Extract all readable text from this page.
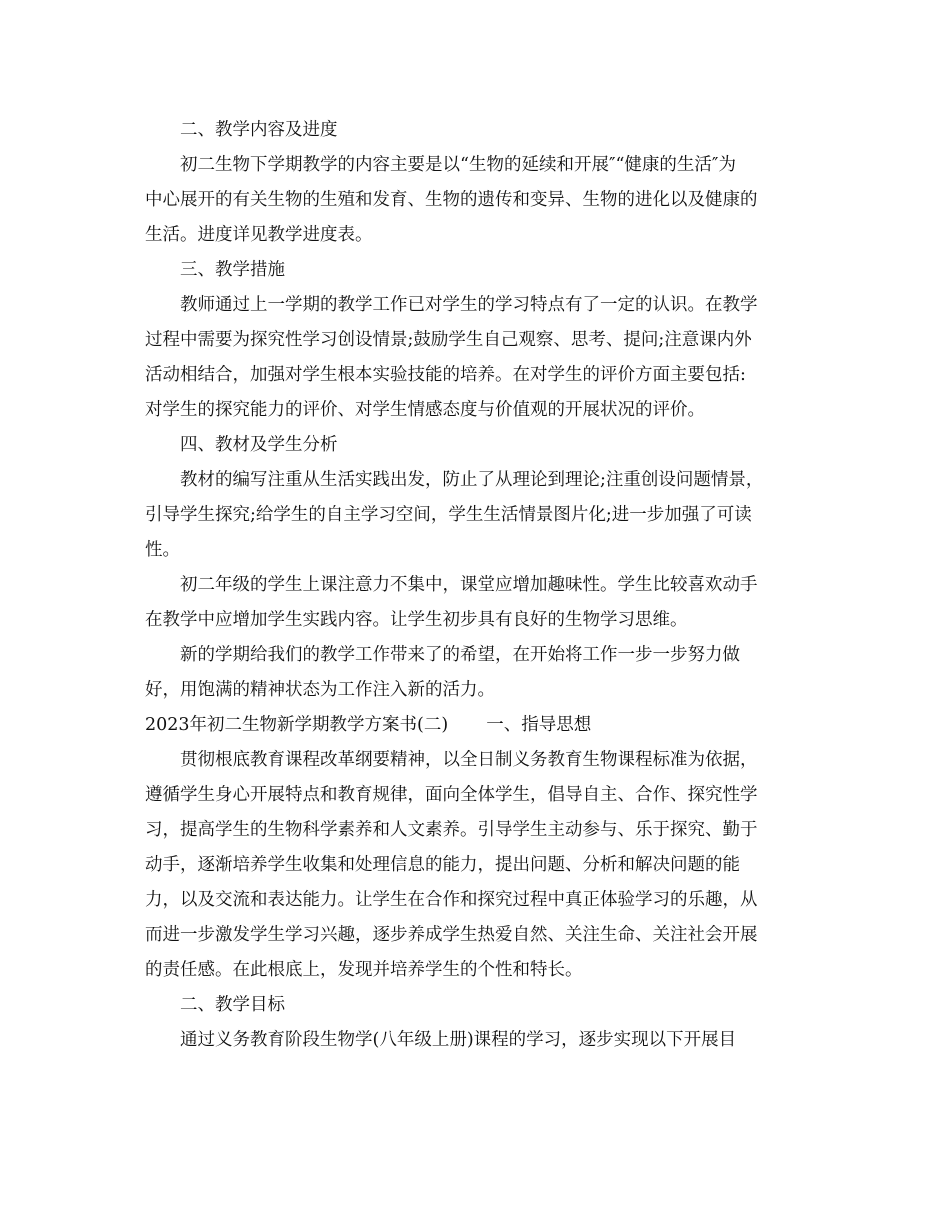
二、教学内容及进度
初二生物下学期教学的内容主要是以“生物的延续和开展″“健康的生活″为
中心展开的有关生物的生殖和发育、生物的遗传和变异、生物的进化以及健康的
生活。进度详见教学进度表。
三、教学措施
教师通过上一学期的教学工作已对学生的学习特点有了一定的认识。在教学
过程中需要为探究性学习创设情景;鼓励学生自己观察、思考、提问;注意课内外
活动相结合，加强对学生根本实验技能的培养。在对学生的评价方面主要包括:
对学生的探究能力的评价、对学生情感态度与价值观的开展状况的评价。
四、教材及学生分析
教材的编写注重从生活实践出发，防止了从理论到理论;注重创设问题情景，
引导学生探究;给学生的自主学习空间，学生生活情景图片化;进一步加强了可读
性。
初二年级的学生上课注意力不集中，课堂应增加趣味性。学生比较喜欢动手
在教学中应增加学生实践内容。让学生初步具有良好的生物学习思维。
新的学期给我们的教学工作带来了的希望，在开始将工作一步一步努力做
好，用饱满的精神状态为工作注入新的活力。
2023年初二生物新学期教学方案书(二) 一、指导思想
贯彻根底教育课程改革纲要精神，以全日制义务教育生物课程标准为依据，
遵循学生身心开展特点和教育规律，面向全体学生，倡导自主、合作、探究性学
习，提高学生的生物科学素养和人文素养。引导学生主动参与、乐于探究、勤于
动手，逐渐培养学生收集和处理信息的能力，提出问题、分析和解决问题的能
力，以及交流和表达能力。让学生在合作和探究过程中真正体验学习的乐趣，从
而进一步激发学生学习兴趣，逐步养成学生热爱自然、关注生命、关注社会开展
的责任感。在此根底上，发现并培养学生的个性和特长。
二、教学目标
通过义务教育阶段生物学(八年级上册)课程的学习，逐步实现以下开展目
